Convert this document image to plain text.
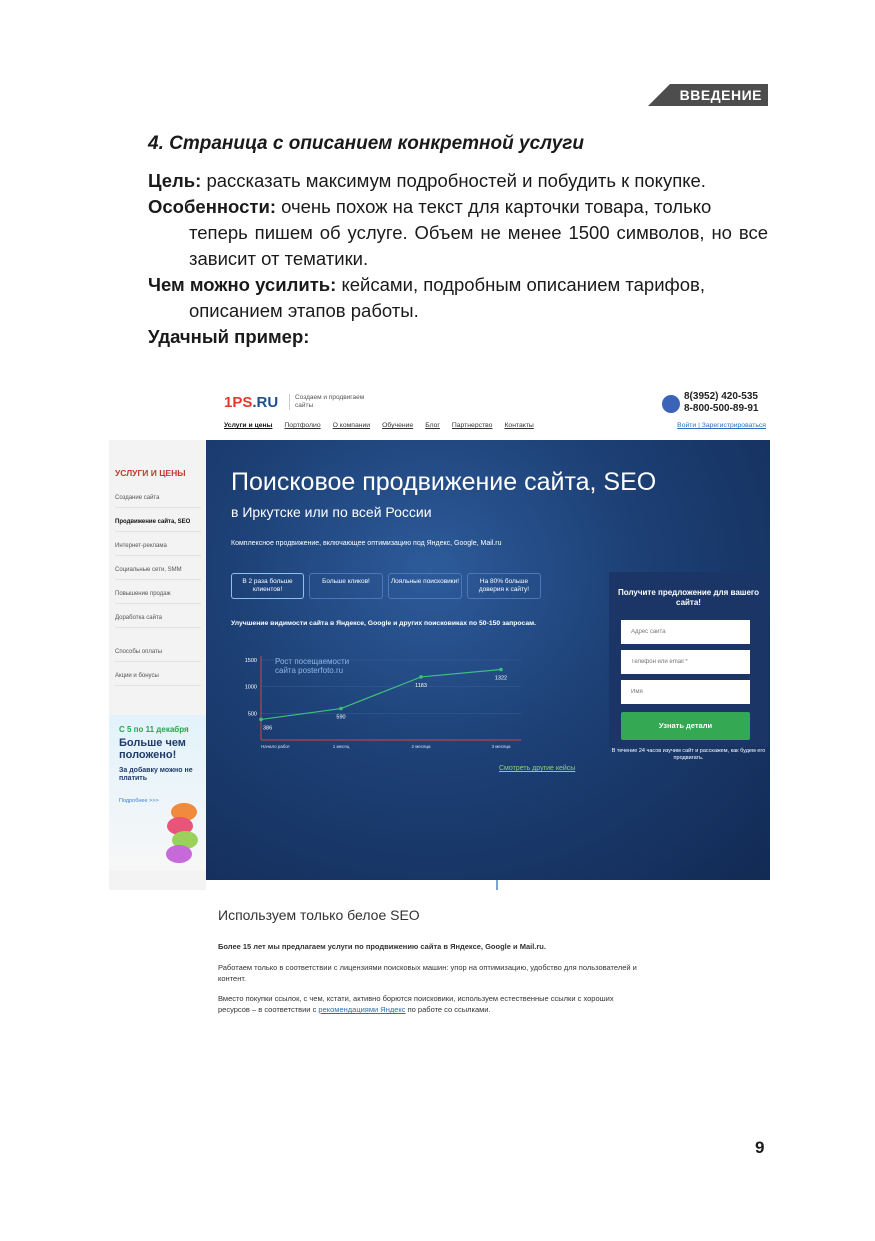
ВВЕДЕНИЕ
4. Страница с описанием конкретной услуги
Цель: рассказать максимум подробностей и побудить к покупке.
Особенности: очень похож на текст для карточки товара, только
теперь пишем об услуге. Объем не менее 1500 символов, но все зависит от тематики.
Чем можно усилить: кейсами, подробным описанием тарифов,
описанием этапов работы.
Удачный пример:
УСЛУГИ И ЦЕНЫ
Создание сайта
Продвижение сайта, SEO
Интернет-реклама
Социальные сети, SMM
Повышение продаж
Доработка сайта
Способы оплаты
Акции и бонусы
С 5 по 11 декабря
Больше чем положено!
За добавку можно не платить
Подробнее >>>
1PS.RU	Создаем и продвигаем сайты
8(3952) 420-535
8-800-500-89-91
Услуги и цены Портфолио О компании Обучение Блог Партнерство Контакты	Войти | Зарегистрироваться
Поисковое продвижение сайта, SEO
в Иркутске или по всей России
Комплексное продвижение, включающее оптимизацию под Яндекс, Google, Mail.ru
В 2 раза больше клиентов!
Больше кликов!	Лояльные поисковики!	На 80% больше доверия к сайту!
Улучшение видимости сайта в Яндексе, Google и других поисковиках по 50-150 запросам.
1500
1000
500
Начало работ	1 месяц	2 месяца	3 месяца
Рост посещаемости сайта posterfoto.ru
386
590
1183
1322
Смотреть другие кейсы
Получите предложение для вашего сайта!
Адрес сайта
Телефон или email *
Имя
Узнать детали
В течение 24 часов изучим сайт и расскажем, как будем его продвигать.
Используем только белое SEO
Более 15 лет мы предлагаем услуги по продвижению сайта в Яндексе, Google и Mail.ru.
Работаем только в соответствии с лицензиями поисковых машин: упор на оптимизацию, удобство для пользователей и контент.
Вместо покупки ссылок, с чем, кстати, активно борются поисковики, используем естественные ссылки с хороших ресурсов – в соответствии с рекомендациями Яндекс по работе со ссылками.
9
